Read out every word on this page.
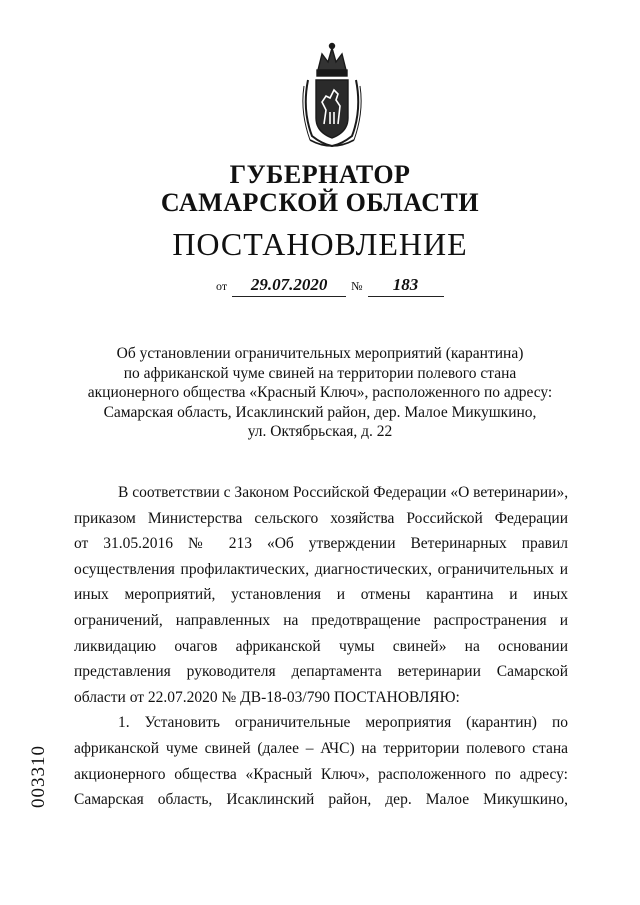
ГУБЕРНАТОР
САМАРСКОЙ ОБЛАСТИ
ПОСТАНОВЛЕНИЕ
от 29.07.2020 № 183
Об установлении ограничительных мероприятий (карантина)
по африканской чуме свиней на территории полевого стана
акционерного общества «Красный Ключ», расположенного по адресу:
Самарская область, Исаклинский район, дер. Малое Микушкино,
ул. Октябрьская, д. 22
В соответствии с Законом Российской Федерации «О ветеринарии»,
приказом Министерства сельского хозяйства Российской Федерации
от 31.05.2016 № 213 «Об утверждении Ветеринарных правил
осуществления профилактических, диагностических, ограничительных и
иных мероприятий, установления и отмены карантина и иных
ограничений, направленных на предотвращение распространения и
ликвидацию очагов африканской чумы свиней» на основании
представления руководителя департамента ветеринарии Самарской
области от 22.07.2020 № ДВ-18-03/790 ПОСТАНОВЛЯЮ:
1. Установить ограничительные мероприятия (карантин) по
африканской чуме свиней (далее – АЧС) на территории полевого стана
акционерного общества «Красный Ключ», расположенного по адресу:
Самарская область, Исаклинский район, дер. Малое Микушкино,
003310
